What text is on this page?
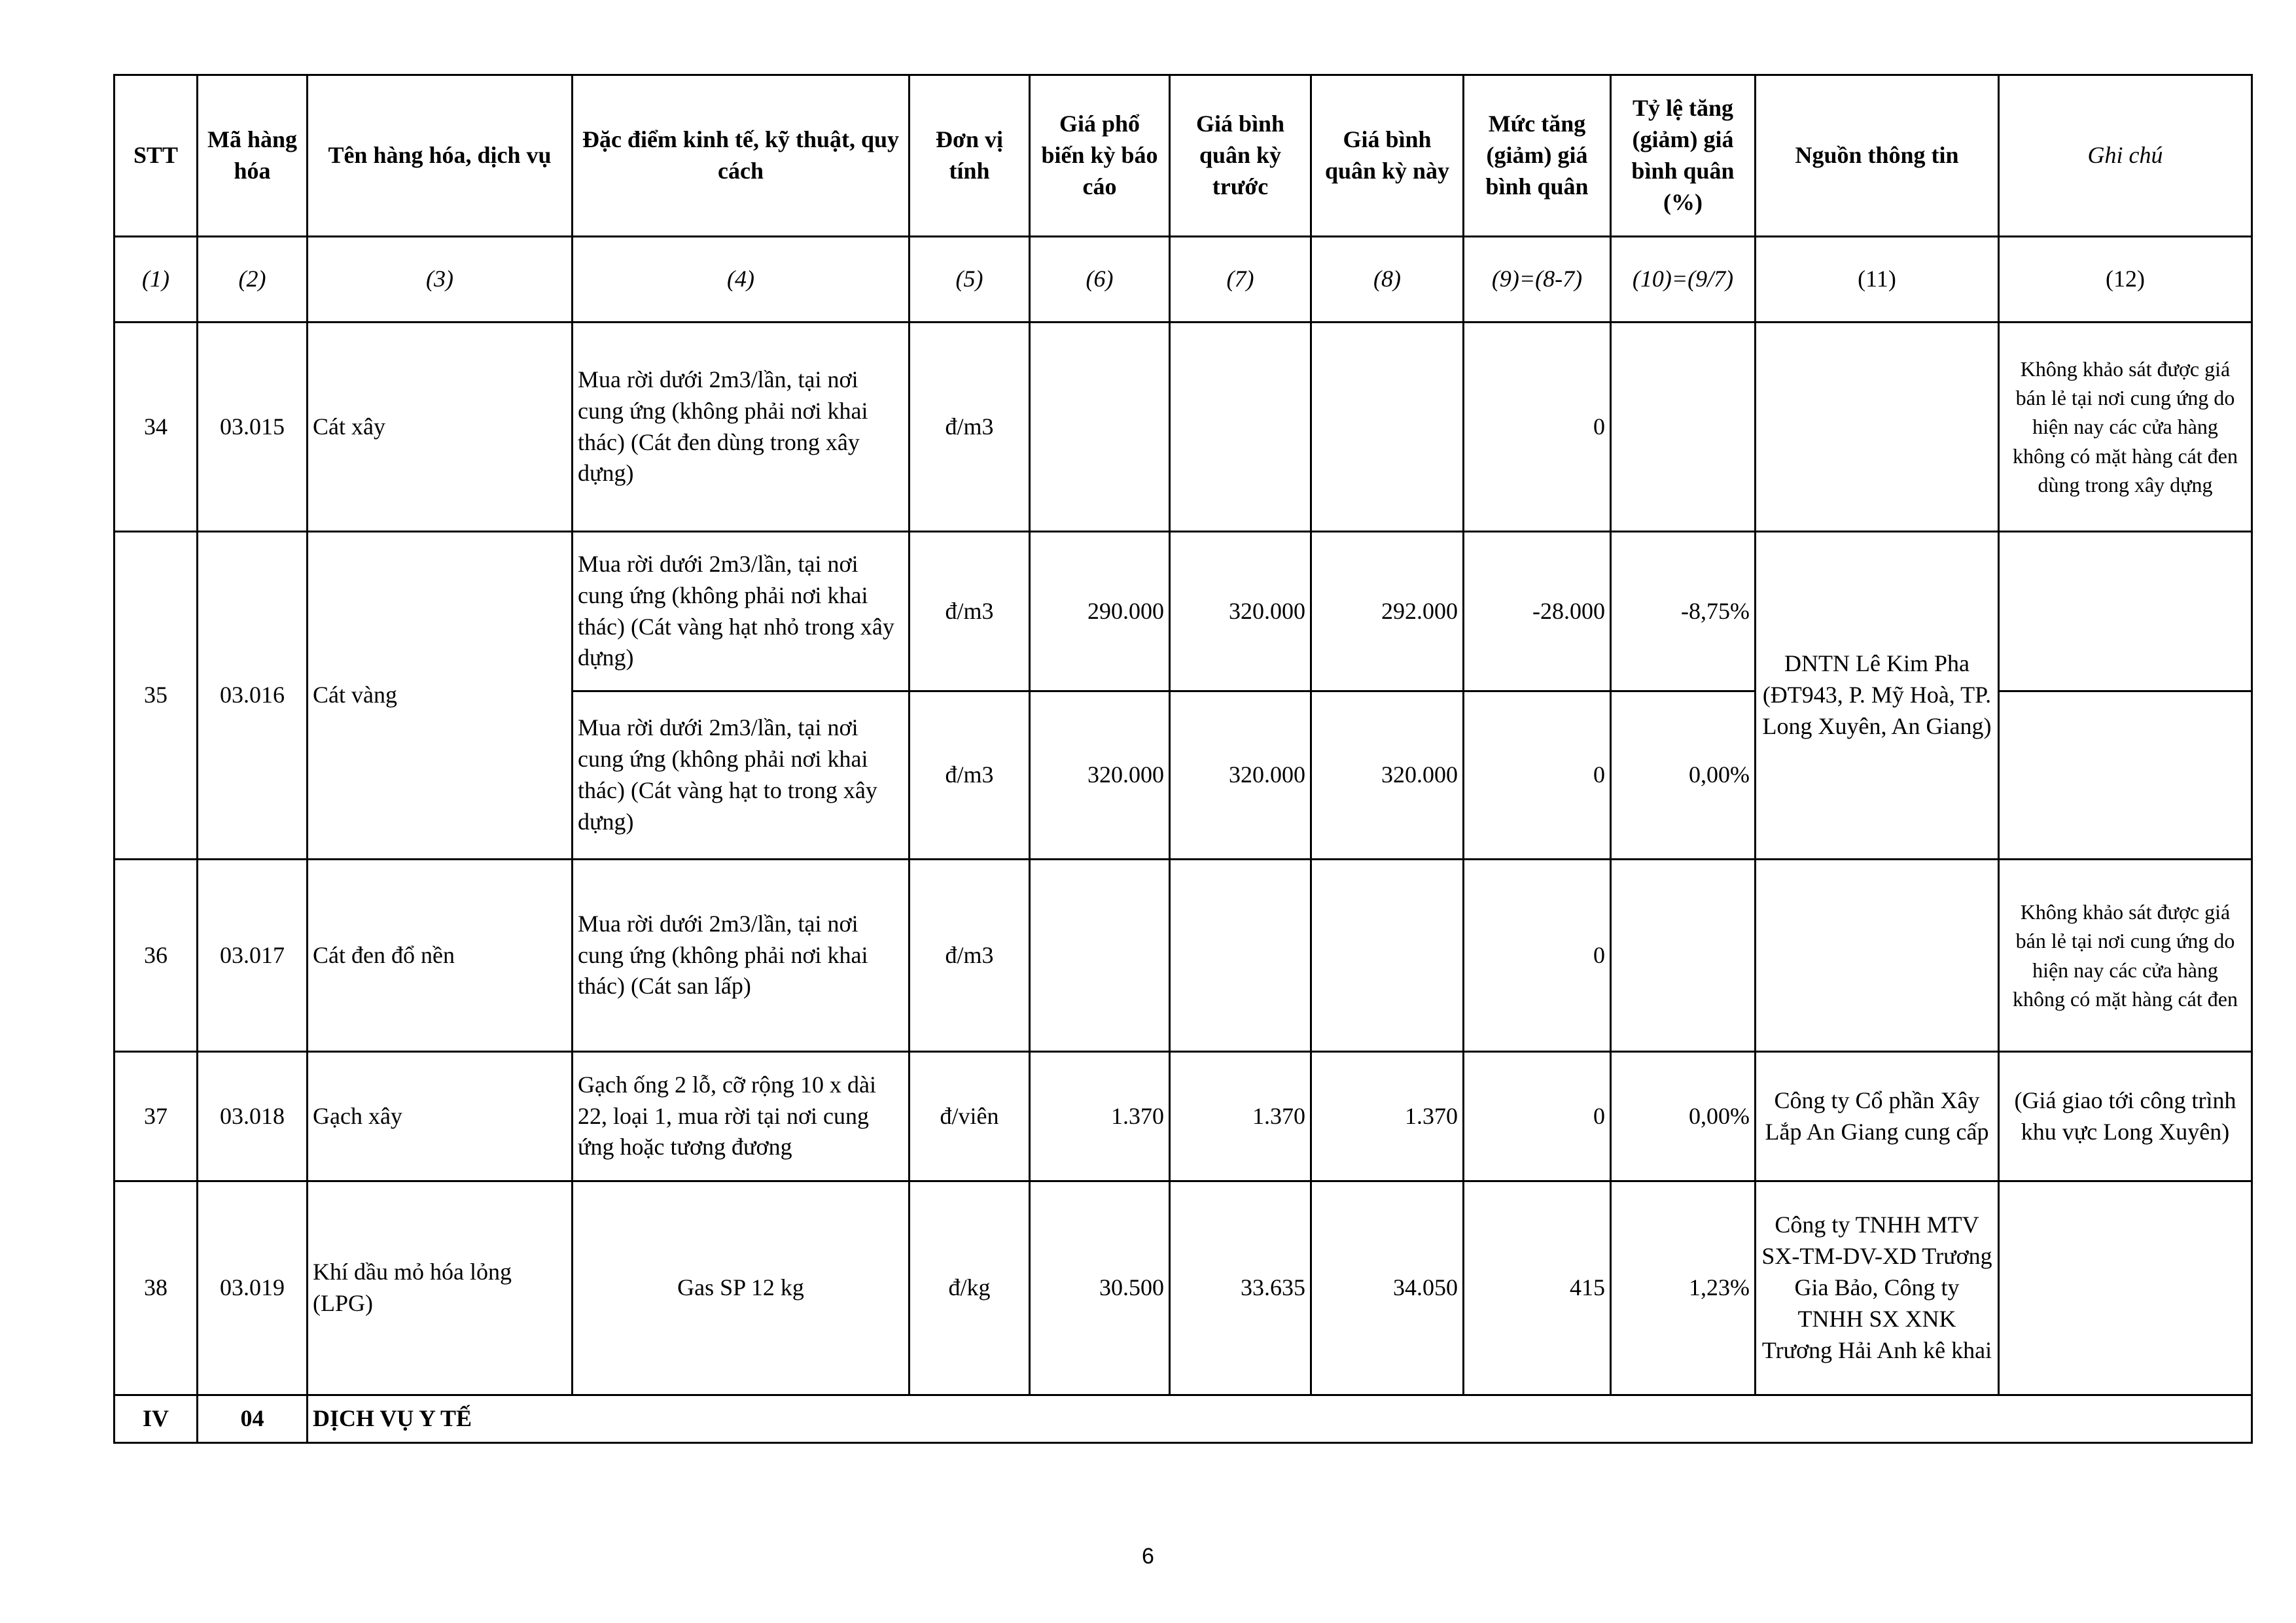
STT	Mã hàng hóa	Tên hàng hóa, dịch vụ	Đặc điểm kinh tế, kỹ thuật, quy cách	Đơn vị tính	Giá phổ biến kỳ báo cáo	Giá bình quân kỳ trước	Giá bình quân kỳ này	Mức tăng (giảm) giá bình quân	Tỷ lệ tăng (giảm) giá bình quân (%)	Nguồn thông tin	Ghi chú
(1)	(2)	(3)	(4)	(5)	(6)	(7)	(8)	(9)=(8-7)	(10)=(9/7)	(11)	(12)
34	03.015	Cát xây	Mua rời dưới 2m3/lần, tại nơi cung ứng (không phải nơi khai thác) (Cát đen dùng trong xây dựng)	đ/m3				0			Không khảo sát được giá bán lẻ tại nơi cung ứng do hiện nay các cửa hàng không có mặt hàng cát đen dùng trong xây dựng
35	03.016	Cát vàng	Mua rời dưới 2m3/lần, tại nơi cung ứng (không phải nơi khai thác) (Cát vàng hạt nhỏ trong xây dựng)	đ/m3	290.000	320.000	292.000	-28.000	-8,75%	DNTN Lê Kim Pha (ĐT943, P. Mỹ Hoà, TP. Long Xuyên, An Giang)	
			Mua rời dưới 2m3/lần, tại nơi cung ứng (không phải nơi khai thác) (Cát vàng hạt to trong xây dựng)	đ/m3	320.000	320.000	320.000	0	0,00%		
36	03.017	Cát đen đổ nền	Mua rời dưới 2m3/lần, tại nơi cung ứng (không phải nơi khai thác) (Cát san lấp)	đ/m3				0			Không khảo sát được giá bán lẻ tại nơi cung ứng do hiện nay các cửa hàng không có mặt hàng cát đen
37	03.018	Gạch xây	Gạch ống 2 lỗ, cỡ rộng 10 x dài 22, loại 1, mua rời tại nơi cung ứng hoặc tương đương	đ/viên	1.370	1.370	1.370	0	0,00%	Công ty Cổ phần Xây Lắp An Giang cung cấp	(Giá giao tới công trình khu vực Long Xuyên)
38	03.019	Khí dầu mỏ hóa lỏng (LPG)	Gas SP 12 kg	đ/kg	30.500	33.635	34.050	415	1,23%	Công ty TNHH MTV SX-TM-DV-XD Trương Gia Bảo, Công ty TNHH SX XNK Trương Hải Anh kê khai	
IV	04	DỊCH VỤ Y TẾ									
6
